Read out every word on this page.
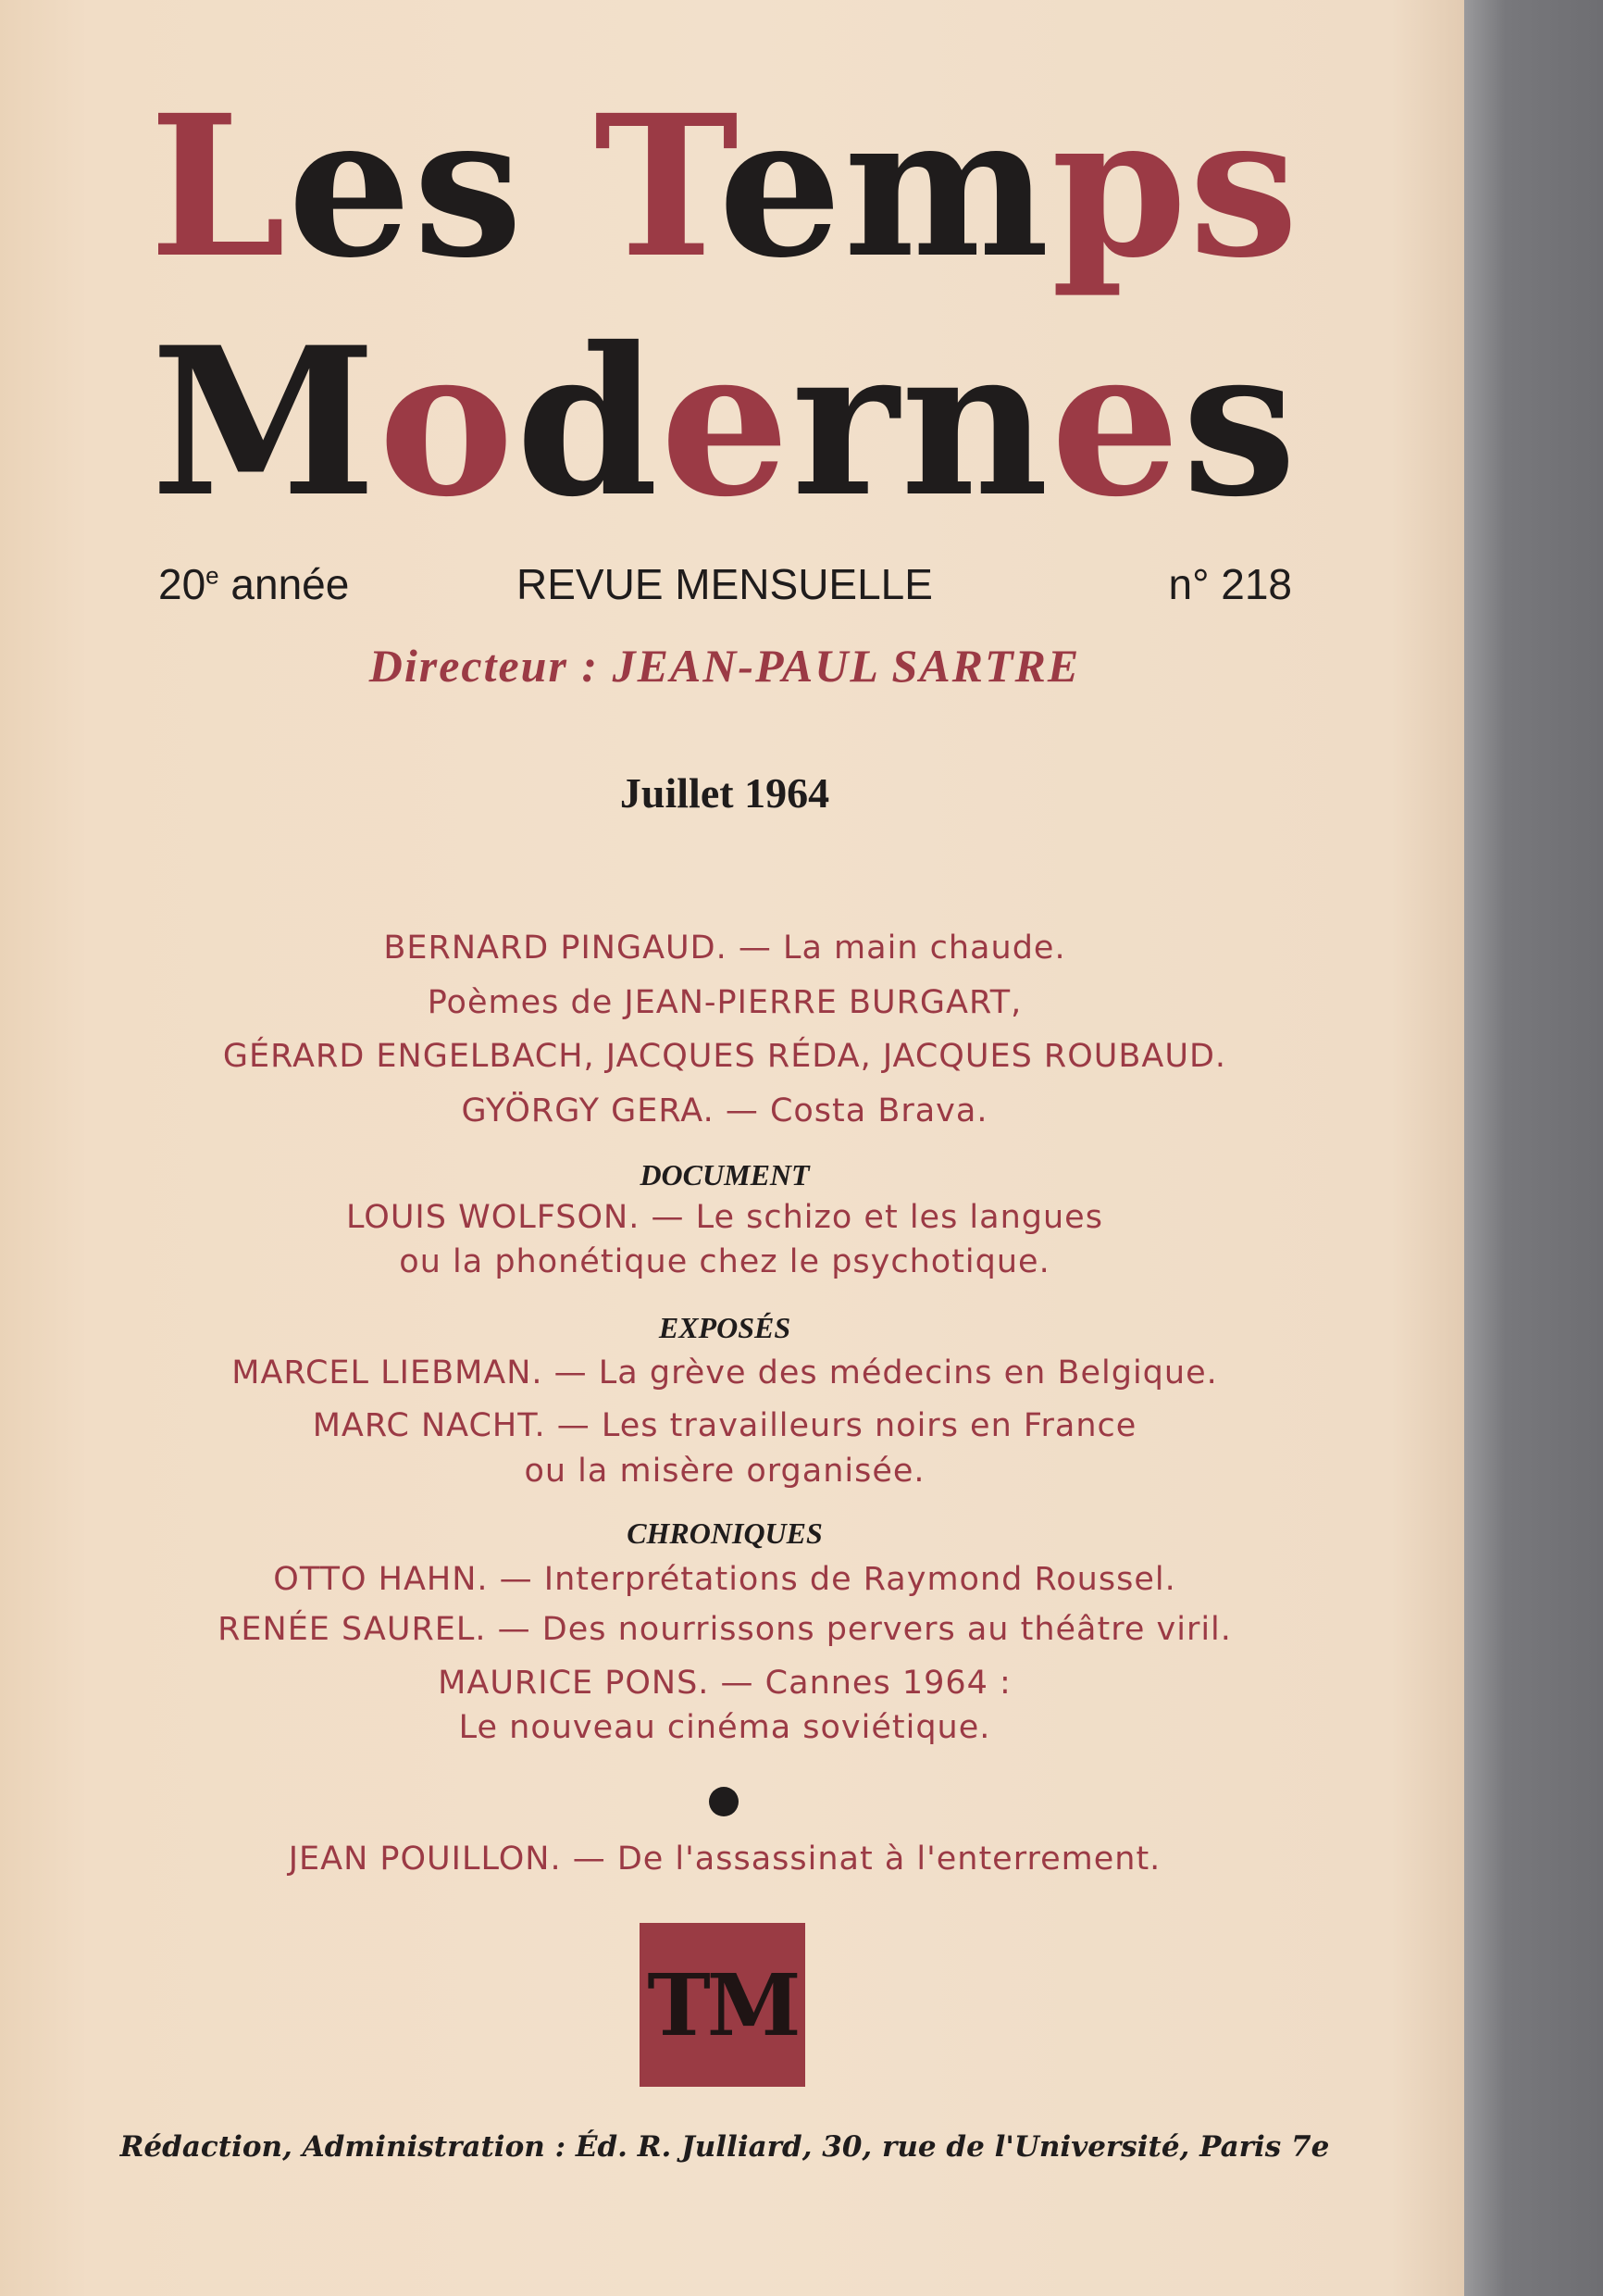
Les Temps
Modernes
20e année	REVUE MENSUELLE	n° 218
Directeur : JEAN-PAUL SARTRE
Juillet 1964
BERNARD PINGAUD. — La main chaude.
Poèmes de JEAN-PIERRE BURGART,
GÉRARD ENGELBACH, JACQUES RÉDA, JACQUES ROUBAUD.
GYÖRGY GERA. — Costa Brava.
DOCUMENT
LOUIS WOLFSON. — Le schizo et les langues
ou la phonétique chez le psychotique.
EXPOSÉS
MARCEL LIEBMAN. — La grève des médecins en Belgique.
MARC NACHT. — Les travailleurs noirs en France
ou la misère organisée.
CHRONIQUES
OTTO HAHN. — Interprétations de Raymond Roussel.
RENÉE SAUREL. — Des nourrissons pervers au théâtre viril.
MAURICE PONS. — Cannes 1964 :
Le nouveau cinéma soviétique.
JEAN POUILLON. — De l'assassinat à l'enterrement.
TM
Rédaction, Administration : Éd. R. Julliard, 30, rue de l'Université, Paris 7e
